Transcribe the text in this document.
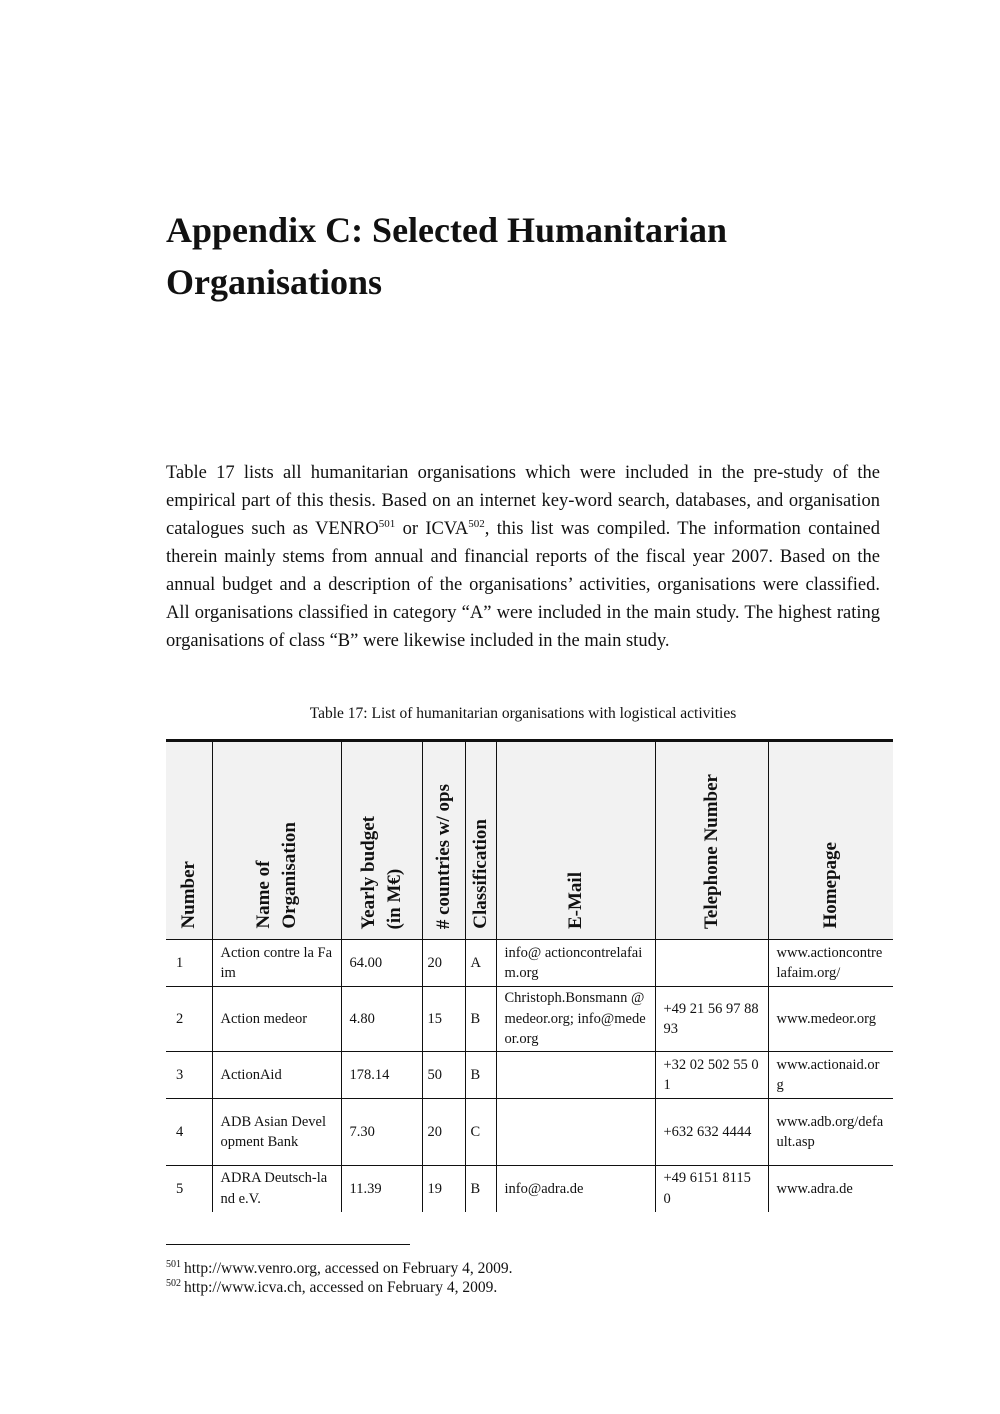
Appendix C: Selected Humanitarian
Organisations

Table 17 lists all humanitarian organisations which were included in the pre-study of the empirical part of this thesis. Based on an internet key-word search, databases, and organisation catalogues such as VENRO$^{501}$ or ICVA$^{502}$, this list was compiled. The information contained therein mainly stems from annual and financial reports of the fiscal year 2007. Based on the annual budget and a description of the organisations’ activities, organisations were classified. All organisations classified in category “A” were included in the main study. The highest rating organisations of class “B” were likewise included in the main study.

Table 17: List of humanitarian organisations with logistical activities
Number	Name of Organisation	Yearly budget (in M€)	# countries w/ ops	Classification	E-Mail	Telephone Number	Homepage

1	Action contre la Faim	64.00	20	A	info@ actioncontrelafaim.org		www.actioncontrelafaim.org/
2	Action medeor	4.80	15	B	Christoph.Bonsmann @medeor.org; info@medeor.org	+49 21 56 97 88 93	www.medeor.org
3	ActionAid	178.14	50	B		+32 02 502 55 01	www.actionaid.org
4	ADB Asian Development Bank	7.30	20	C		+632 632 4444	www.adb.org/default.asp
5	ADRA Deutsch-land e.V.	11.39	19	B	info@adra.de	+49 6151 8115 0	www.adra.de
$^{501}$ http://www.venro.org, accessed on February 4, 2009.
$^{502}$ http://www.icva.ch, accessed on February 4, 2009.
